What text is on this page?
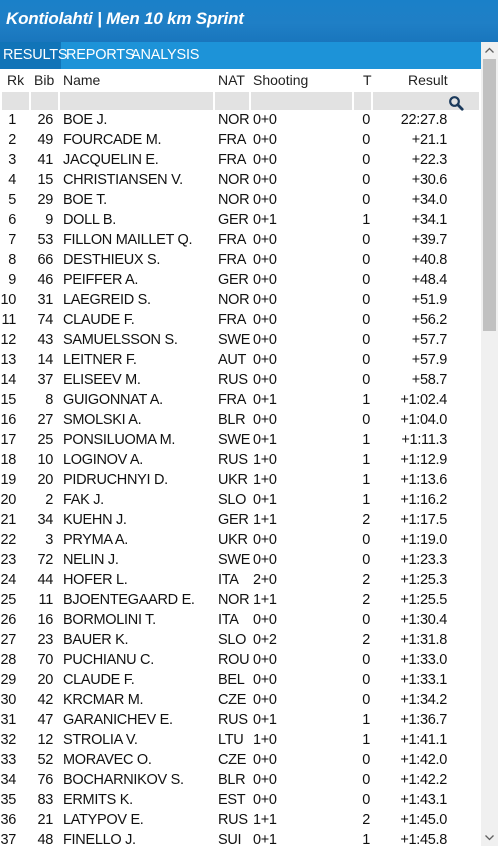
Kontiolahti | Men 10 km Sprint
RESULTS
REPORTS
ANALYSIS
Rk Bib Name	NAT Shooting	T	Result
1 26 BOE J.	NOR 0+0	0 22:27.8
2 49 FOURCADE M.	FRA 0+0	0	+21.1
3 41 JACQUELIN E.	FRA 0+0	0	+22.3
4 15 CHRISTIANSEN V. NOR 0+0	0	+30.6
5 29 BOE T.	NOR 0+0	0	+34.0
6 9 DOLL B.	GER 0+1	1	+34.1
7 53 FILLON MAILLET Q. FRA 0+0	0	+39.7
8 66 DESTHIEUX S.	FRA 0+0	0	+40.8
9 46 PEIFFER A.	GER 0+0	0	+48.4
10 31 LAEGREID S.	NOR 0+0	0	+51.9
11 74 CLAUDE F.	FRA 0+0	0	+56.2
12 43 SAMUELSSON S.	SWE 0+0	0	+57.7
13 14 LEITNER F.	AUT 0+0	0	+57.9
14 37 ELISEEV M.	RUS 0+0	0	+58.7
15 8 GUIGONNAT A.	FRA 0+1	1 +1:02.4
16 27 SMOLSKI A.	BLR 0+0	0 +1:04.0
17 25 PONSILUOMA M.	SWE 0+1	1 +1:11.3
18 10 LOGINOV A.	RUS 1+0	1 +1:12.9
19 20 PIDRUCHNYI D.	UKR 1+0	1 +1:13.6
20 2 FAK J.	SLO 0+1	1 +1:16.2
21 34 KUEHN J.	GER 1+1	2 +1:17.5
22 3 PRYMA A.	UKR 0+0	0 +1:19.0
23 72 NELIN J.	SWE 0+0	0 +1:23.3
24 44 HOFER L.	ITA 2+0	2 +1:25.3
25 11 BJOENTEGAARD E. NOR 1+1	2 +1:25.5
26 16 BORMOLINI T.	ITA 0+0	0 +1:30.4
27 23 BAUER K.	SLO 0+2	2 +1:31.8
28 70 PUCHIANU C.	ROU 0+0	0 +1:33.0
29 20 CLAUDE F.	BEL 0+0	0 +1:33.1
30 42 KRCMAR M.	CZE 0+0	0 +1:34.2
31 47 GARANICHEV E.	RUS 0+1	1 +1:36.7
32 12 STROLIA V.	LTU 1+0	1 +1:41.1
33 52 MORAVEC O.	CZE 0+0	0 +1:42.0
34 76 BOCHARNIKOV S. BLR 0+0	0 +1:42.2
35 83 ERMITS K.	EST 0+0	0 +1:43.1
36 21 LATYPOV E.	RUS 1+1	2 +1:45.0
37 48 FINELLO J.	SUI 0+1	1 +1:45.8
